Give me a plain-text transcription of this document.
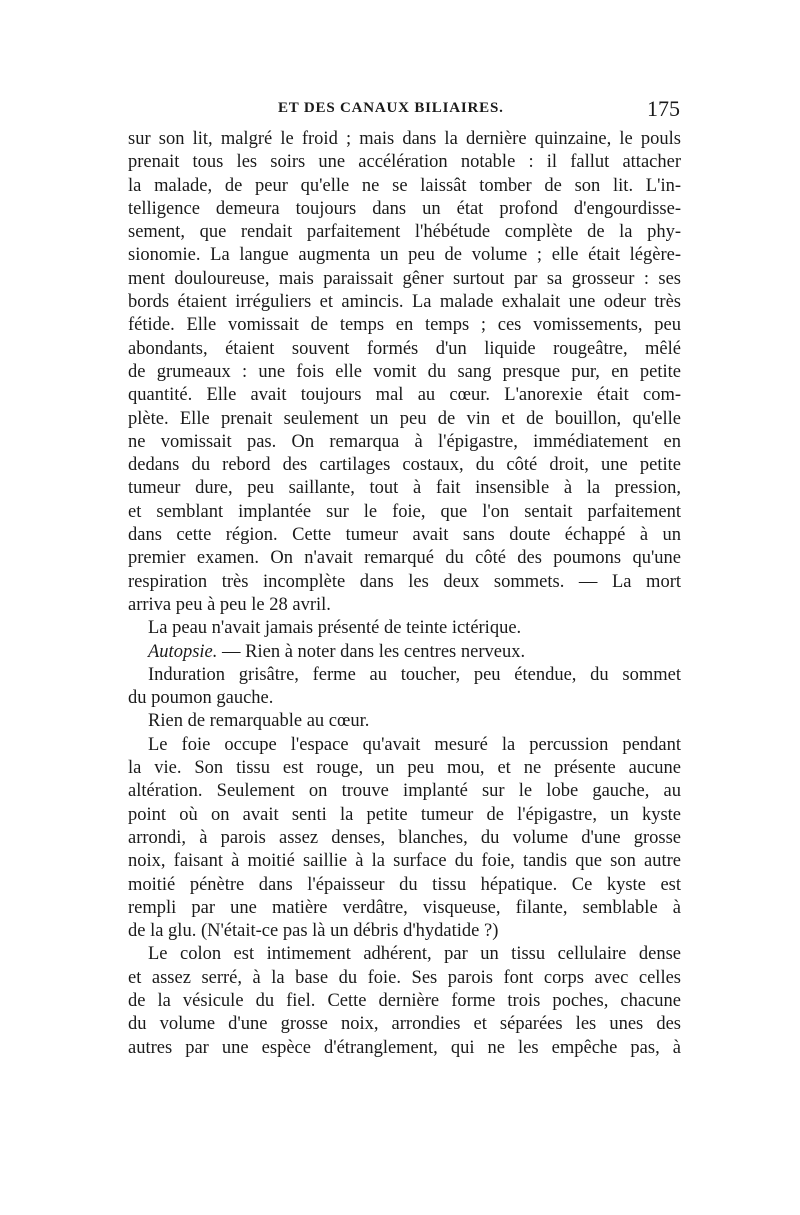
ET DES CANAUX BILIAIRES.	175
sur son lit, malgré le froid ; mais dans la dernière quinzaine, le pouls
prenait tous les soirs une accélération notable : il fallut attacher
la malade, de peur qu'elle ne se laissât tomber de son lit. L'in-
telligence demeura toujours dans un état profond d'engourdisse-
sement, que rendait parfaitement l'hébétude complète de la phy-
sionomie. La langue augmenta un peu de volume ; elle était légère-
ment douloureuse, mais paraissait gêner surtout par sa grosseur : ses
bords étaient irréguliers et amincis. La malade exhalait une odeur très
fétide. Elle vomissait de temps en temps ; ces vomissements, peu
abondants, étaient souvent formés d'un liquide rougeâtre, mêlé
de grumeaux : une fois elle vomit du sang presque pur, en petite
quantité. Elle avait toujours mal au cœur. L'anorexie était com-
plète. Elle prenait seulement un peu de vin et de bouillon, qu'elle
ne vomissait pas. On remarqua à l'épigastre, immédiatement en
dedans du rebord des cartilages costaux, du côté droit, une petite
tumeur dure, peu saillante, tout à fait insensible à la pression,
et semblant implantée sur le foie, que l'on sentait parfaitement
dans cette région. Cette tumeur avait sans doute échappé à un
premier examen. On n'avait remarqué du côté des poumons qu'une
respiration très incomplète dans les deux sommets. — La mort
arriva peu à peu le 28 avril.
La peau n'avait jamais présenté de teinte ictérique.
Autopsie. — Rien à noter dans les centres nerveux.
Induration grisâtre, ferme au toucher, peu étendue, du sommet
du poumon gauche.
Rien de remarquable au cœur.
Le foie occupe l'espace qu'avait mesuré la percussion pendant
la vie. Son tissu est rouge, un peu mou, et ne présente aucune
altération. Seulement on trouve implanté sur le lobe gauche, au
point où on avait senti la petite tumeur de l'épigastre, un kyste
arrondi, à parois assez denses, blanches, du volume d'une grosse
noix, faisant à moitié saillie à la surface du foie, tandis que son autre
moitié pénètre dans l'épaisseur du tissu hépatique. Ce kyste est
rempli par une matière verdâtre, visqueuse, filante, semblable à
de la glu. (N'était-ce pas là un débris d'hydatide ?)
Le colon est intimement adhérent, par un tissu cellulaire dense
et assez serré, à la base du foie. Ses parois font corps avec celles
de la vésicule du fiel. Cette dernière forme trois poches, chacune
du volume d'une grosse noix, arrondies et séparées les unes des
autres par une espèce d'étranglement, qui ne les empêche pas, à
